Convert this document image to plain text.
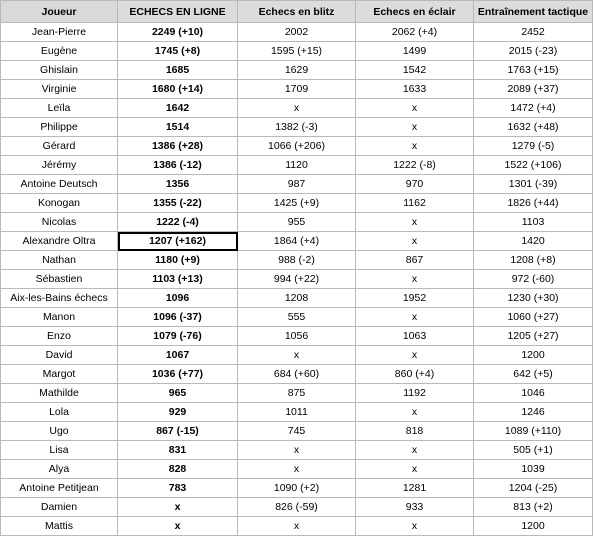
Joueur	ECHECS EN LIGNE	Echecs en blitz	Echecs en éclair	Entraînement tactique
Jean-Pierre	2249 (+10)	2002	2062 (+4)	2452
Eugène	1745 (+8)	1595 (+15)	1499	2015 (-23)
Ghislain	1685	1629	1542	1763 (+15)
Virginie	1680 (+14)	1709	1633	2089 (+37)
Leïla	1642	x	x	1472 (+4)
Philippe	1514	1382 (-3)	x	1632 (+48)
Gérard	1386 (+28)	1066 (+206)	x	1279 (-5)
Jérémy	1386 (-12)	1120	1222 (-8)	1522 (+106)
Antoine Deutsch	1356	987	970	1301 (-39)
Konogan	1355 (-22)	1425 (+9)	1162	1826 (+44)
Nicolas	1222 (-4)	955	x	1103
Alexandre Oltra	1207 (+162)	1864 (+4)	x	1420
Nathan	1180 (+9)	988 (-2)	867	1208 (+8)
Sébastien	1103 (+13)	994 (+22)	x	972 (-60)
Aix-les-Bains échecs	1096	1208	1952	1230 (+30)
Manon	1096 (-37)	555	x	1060 (+27)
Enzo	1079 (-76)	1056	1063	1205 (+27)
David	1067	x	x	1200
Margot	1036 (+77)	684 (+60)	860 (+4)	642 (+5)
Mathilde	965	875	1192	1046
Lola	929	1011	x	1246
Ugo	867 (-15)	745	818	1089 (+110)
Lisa	831	x	x	505 (+1)
Alya	828	x	x	1039
Antoine Petitjean	783	1090 (+2)	1281	1204 (-25)
Damien	x	826 (-59)	933	813 (+2)
Mattis	x	x	x	1200
